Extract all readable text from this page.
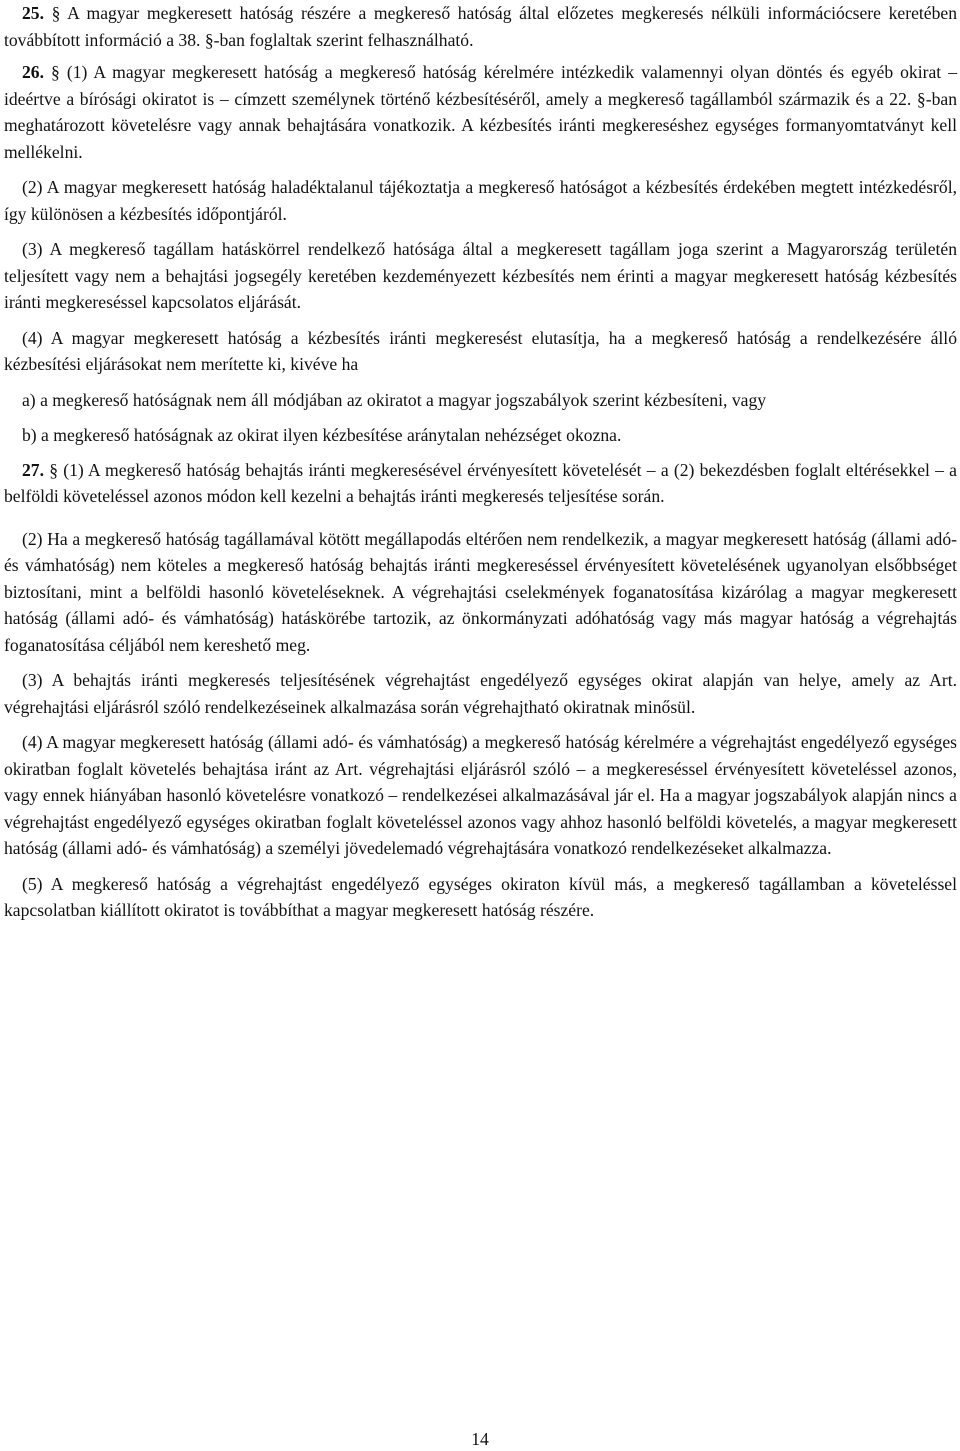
25. § A magyar megkeresett hatóság részére a megkereső hatóság által előzetes megkeresés nélküli információcsere keretében továbbított információ a 38. §-ban foglaltak szerint felhasználható.

26. § (1) A magyar megkeresett hatóság a megkereső hatóság kérelmére intézkedik valamennyi olyan döntés és egyéb okirat – ideértve a bírósági okiratot is – címzett személynek történő kézbesítéséről, amely a megkereső tagállamból származik és a 22. §-ban meghatározott követelésre vagy annak behajtására vonatkozik. A kézbesítés iránti megkereséshez egységes formanyomtatványt kell mellékelni.

(2) A magyar megkeresett hatóság haladéktalanul tájékoztatja a megkereső hatóságot a kézbesítés érdekében megtett intézkedésről, így különösen a kézbesítés időpontjáról.

(3) A megkereső tagállam hatáskörrel rendelkező hatósága által a megkeresett tagállam joga szerint a Magyarország területén teljesített vagy nem a behajtási jogsegély keretében kezdeményezett kézbesítés nem érinti a magyar megkeresett hatóság kézbesítés iránti megkereséssel kapcsolatos eljárását.

(4) A magyar megkeresett hatóság a kézbesítés iránti megkeresést elutasítja, ha a megkereső hatóság a rendelkezésére álló kézbesítési eljárásokat nem merítette ki, kivéve ha

a) a megkereső hatóságnak nem áll módjában az okiratot a magyar jogszabályok szerint kézbesíteni, vagy

b) a megkereső hatóságnak az okirat ilyen kézbesítése aránytalan nehézséget okozna.

27. § (1) A megkereső hatóság behajtás iránti megkeresésével érvényesített követelését – a (2) bekezdésben foglalt eltérésekkel – a belföldi követeléssel azonos módon kell kezelni a behajtás iránti megkeresés teljesítése során.

(2) Ha a megkereső hatóság tagállamával kötött megállapodás eltérően nem rendelkezik, a magyar megkeresett hatóság (állami adó- és vámhatóság) nem köteles a megkereső hatóság behajtás iránti megkereséssel érvényesített követelésének ugyanolyan elsőbbséget biztosítani, mint a belföldi hasonló követeléseknek. A végrehajtási cselekmények foganatosítása kizárólag a magyar megkeresett hatóság (állami adó- és vámhatóság) hatáskörébe tartozik, az önkormányzati adóhatóság vagy más magyar hatóság a végrehajtás foganatosítása céljából nem kereshető meg.

(3) A behajtás iránti megkeresés teljesítésének végrehajtást engedélyező egységes okirat alapján van helye, amely az Art. végrehajtási eljárásról szóló rendelkezéseinek alkalmazása során végrehajtható okiratnak minősül.

(4) A magyar megkeresett hatóság (állami adó- és vámhatóság) a megkereső hatóság kérelmére a végrehajtást engedélyező egységes okiratban foglalt követelés behajtása iránt az Art. végrehajtási eljárásról szóló – a megkereséssel érvényesített követeléssel azonos, vagy ennek hiányában hasonló követelésre vonatkozó – rendelkezései alkalmazásával jár el. Ha a magyar jogszabályok alapján nincs a végrehajtást engedélyező egységes okiratban foglalt követeléssel azonos vagy ahhoz hasonló belföldi követelés, a magyar megkeresett hatóság (állami adó- és vámhatóság) a személyi jövedelemadó végrehajtására vonatkozó rendelkezéseket alkalmazza.

(5) A megkereső hatóság a végrehajtást engedélyező egységes okiraton kívül más, a megkereső tagállamban a követeléssel kapcsolatban kiállított okiratot is továbbíthat a magyar megkeresett hatóság részére.

14
